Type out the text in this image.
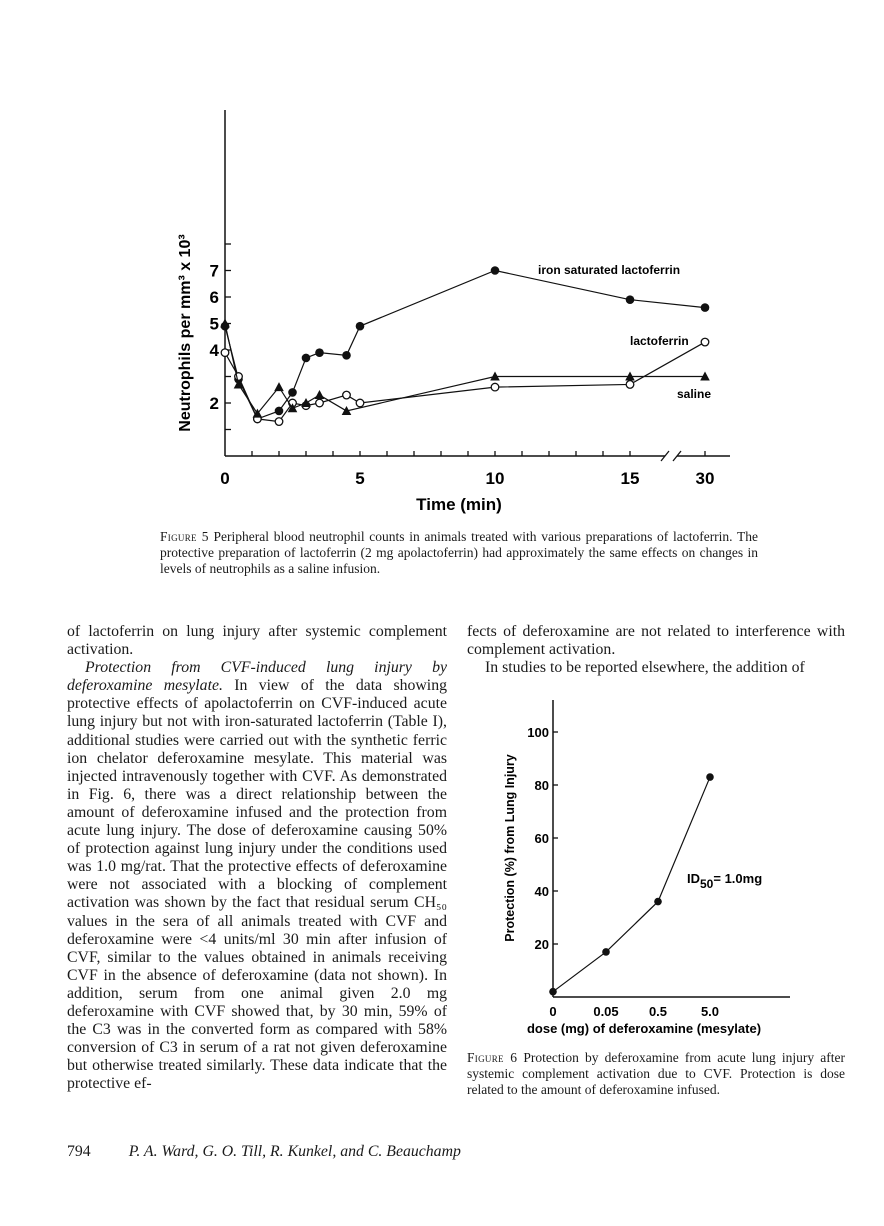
0	5	10	15	30
2
4
5
6
7	iron saturated lactoferrin
lactoferrin
saline
Time (min)
Neutrophils per mm³ x 10³

Figure 5 Peripheral blood neutrophil counts in animals treated with various preparations of lactoferrin. The protective preparation of lactoferrin (2 mg apolactoferrin) had approximately the same effects on changes in levels of neutrophils as a saline infusion.

20
40
60
80
100
0	0.05 0.5	5.0
ID50= 1.0mg
dose (mg) of deferoxamine (mesylate)
Protection (%) from Lung Injury

Figure 6 Protection by deferoxamine from acute lung injury after systemic complement activation due to CVF. Protection is dose related to the amount of deferoxamine infused.

of lactoferrin on lung injury after systemic complement activation.

Protection from CVF-induced lung injury by deferoxamine mesylate. In view of the data showing protective effects of apolactoferrin on CVF-induced acute lung injury but not with iron-saturated lactoferrin (Table I), additional studies were carried out with the synthetic ferric ion chelator deferoxamine mesylate. This material was injected intravenously together with CVF. As demonstrated in Fig. 6, there was a direct relationship between the amount of deferoxamine infused and the protection from acute lung injury. The dose of deferoxamine causing 50% of protection against lung injury under the conditions used was 1.0 mg/rat. That the protective effects of deferoxamine were not associated with a blocking of complement activation was shown by the fact that residual serum CH₅₀ values in the sera of all animals treated with CVF and deferoxamine were <4 units/ml 30 min after infusion of CVF, similar to the values obtained in animals receiving CVF in the absence of deferoxamine (data not shown). In addition, serum from one animal given 2.0 mg deferoxamine with CVF showed that, by 30 min, 59% of the C3 was in the converted form as compared with 58% conversion of C3 in serum of a rat not given deferoxamine but otherwise treated similarly. These data indicate that the protective ef-

fects of deferoxamine are not related to interference with complement activation.

In studies to be reported elsewhere, the addition of

794 P. A. Ward, G. O. Till, R. Kunkel, and C. Beauchamp
